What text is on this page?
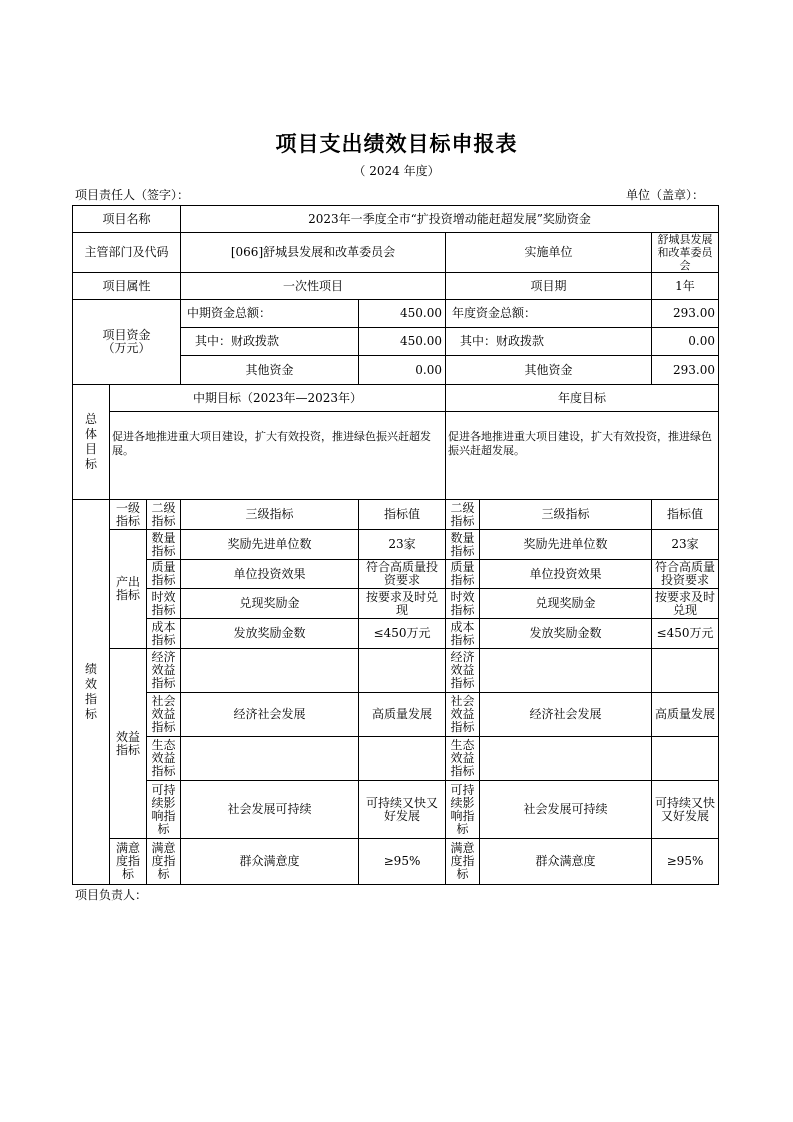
项目支出绩效目标申报表
（ 2024 年度）
项目责任人（签字）：	单位（盖章）：
项目名称			2023年一季度全市“扩投资增动能赶超发展”奖励资金				
主管部门及代码			[066]舒城县发展和改革委员会		实施单位		舒城县发展和改革委员会
项目属性			一次性项目		项目期		1年
项目资金（万元）			中期资金总额：	450.00	年度资金总额：		293.00
			其中：财政拨款	450.00	其中：财政拨款		0.00
			其他资金	0.00	其他资金		293.00
总体目标	中期目标（2023年—2023年）				年度目标		
	促进各地推进重大项目建设，扩大有效投资，推进绿色振兴赶超发展。				促进各地推进重大项目建设，扩大有效投资，推进绿色振兴赶超发展。		
绩效指标	一级指标	二级指标	三级指标	指标值	二级指标	三级指标	指标值
	产出指标	数量指标	奖励先进单位数	23家	数量指标	奖励先进单位数	23家
		质量指标	单位投资效果	符合高质量投资要求	质量指标	单位投资效果	符合高质量投资要求
		时效指标	兑现奖励金	按要求及时兑现	时效指标	兑现奖励金	按要求及时兑现
		成本指标	发放奖励金数	≤450万元	成本指标	发放奖励金数	≤450万元
	效益指标	经济效益指标			经济效益指标		
		社会效益指标	经济社会发展	高质量发展	社会效益指标	经济社会发展	高质量发展
		生态效益指标			生态效益指标		
		可持续影响指标	社会发展可持续	可持续又快又好发展	可持续影响指标	社会发展可持续	可持续又快又好发展
	满意度指标	满意度指标	群众满意度	≥95%	满意度指标	群众满意度	≥95%
项目负责人：
